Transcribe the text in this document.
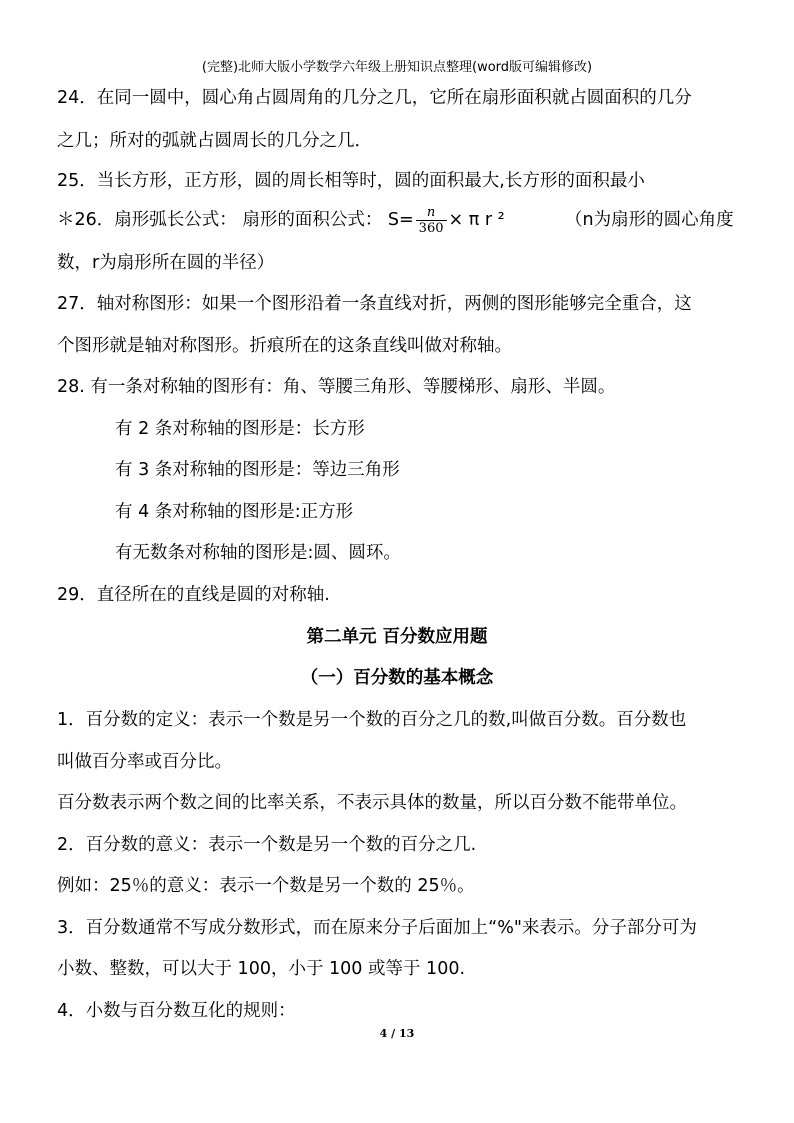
(完整)北师大版小学数学六年级上册知识点整理(word版可编辑修改)
24．在同一圆中，圆心角占圆周角的几分之几，它所在扇形面积就占圆面积的几分
之几；所对的弧就占圆周长的几分之几．
25．当长方形，正方形，圆的周长相等时，圆的面积最大,长方形的面积最小
＊26．扇形弧长公式： 扇形的面积公式： $S= \frac{n}{360} \times \pi$ r ²	（n为扇形的圆心角度
数，r为扇形所在圆的半径）
27．轴对称图形：如果一个图形沿着一条直线对折，两侧的图形能够完全重合，这
个图形就是轴对称图形。折痕所在的这条直线叫做对称轴。
28. 有一条对称轴的图形有：角、等腰三角形、等腰梯形、扇形、半圆。
有 2 条对称轴的图形是：长方形
有 3 条对称轴的图形是：等边三角形
有 4 条对称轴的图形是:正方形
有无数条对称轴的图形是:圆、圆环。
29．直径所在的直线是圆的对称轴.
第二单元 百分数应用题
（一）百分数的基本概念
1．百分数的定义：表示一个数是另一个数的百分之几的数,叫做百分数。百分数也
叫做百分率或百分比。
百分数表示两个数之间的比率关系，不表示具体的数量，所以百分数不能带单位。
2．百分数的意义：表示一个数是另一个数的百分之几.
例如：25％的意义：表示一个数是另一个数的 25％。
3．百分数通常不写成分数形式，而在原来分子后面加上“%"来表示。分子部分可为
小数、整数，可以大于 100，小于 100 或等于 100.
4．小数与百分数互化的规则：
4 / 13
